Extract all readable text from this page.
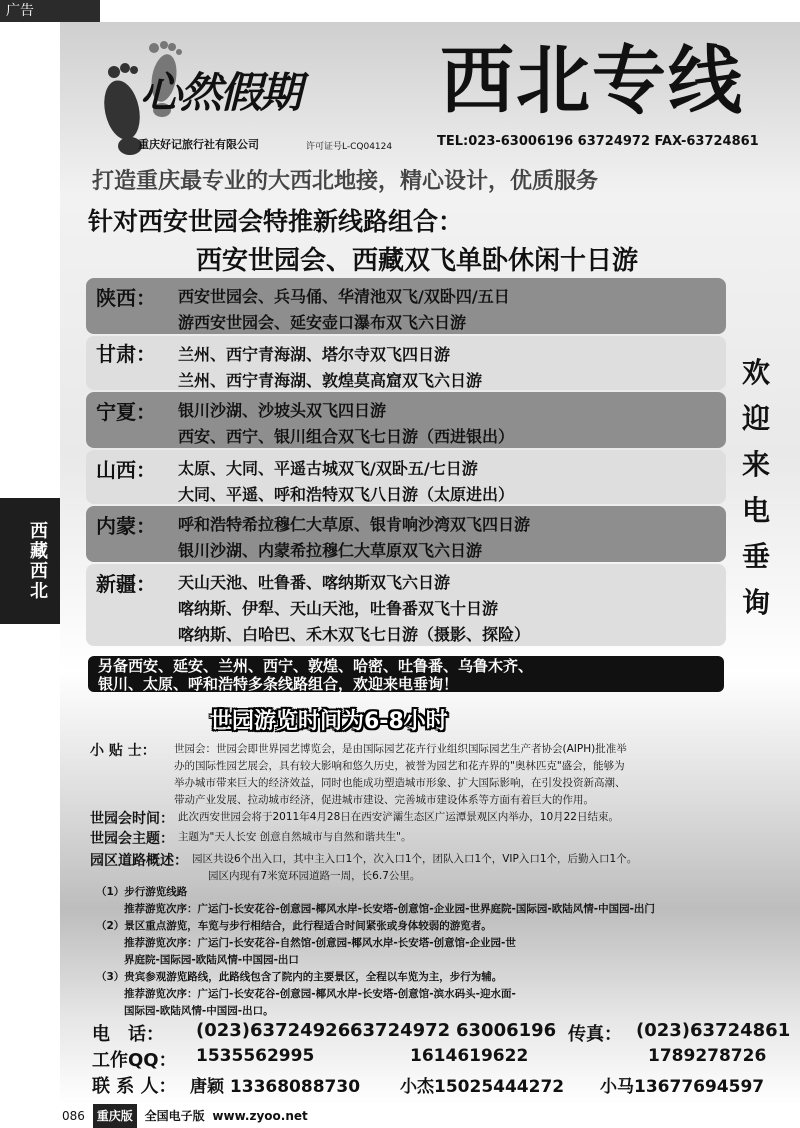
广告
西藏西北
心然假期
重庆好记旅行社有限公司	许可证号L-CQ04124
西北专线
TEL:023-63006196 63724972 FAX-63724861
打造重庆最专业的大西北地接，精心设计，优质服务
针对西安世园会特推新线路组合：
西安世园会、西藏双飞单卧休闲十日游
陕西： 西安世园会、兵马俑、华清池双飞/双卧四/五日
游西安世园会、延安壶口瀑布双飞六日游
甘肃： 兰州、西宁青海湖、塔尔寺双飞四日游
兰州、西宁青海湖、敦煌莫高窟双飞六日游
宁夏： 银川沙湖、沙坡头双飞四日游
西安、西宁、银川组合双飞七日游（西进银出）
山西： 太原、大同、平遥古城双飞/双卧五/七日游
大同、平遥、呼和浩特双飞八日游（太原进出）
内蒙： 呼和浩特希拉穆仁大草原、银肯响沙湾双飞四日游
银川沙湖、内蒙希拉穆仁大草原双飞六日游
新疆： 天山天池、吐鲁番、喀纳斯双飞六日游
喀纳斯、伊犁、天山天池，吐鲁番双飞十日游
喀纳斯、白哈巴、禾木双飞七日游（摄影、探险）
欢
迎
来
电
垂
询
另备西安、延安、兰州、西宁、敦煌、哈密、吐鲁番、乌鲁木齐、
银川、太原、呼和浩特多条线路组合，欢迎来电垂询！
世园游览时间为6-8小时
小 贴 士： 世园会：世园会即世界园艺博览会，是由国际园艺花卉行业组织国际园艺生产者协会(AIPH)批准举
办的国际性园艺展会，具有较大影响和悠久历史，被誉为园艺和花卉界的"奥林匹克"盛会，能够为
举办城市带来巨大的经济效益，同时也能成功塑造城市形象、扩大国际影响，在引发投资新高潮、
带动产业发展、拉动城市经济，促进城市建设、完善城市建设体系等方面有着巨大的作用。
世园会时间： 此次西安世园会将于2011年4月28日在西安浐灞生态区广运潭景观区内举办，10月22日结束。
世园会主题： 主题为"天人长安 创意自然城市与自然和谐共生"。
园区道路概述： 园区共设6个出入口，其中主入口1个，次入口1个，团队入口1个，VIP入口1个，后勤入口1个。
园区内现有7米宽环园道路一周，长6.7公里。
（1）步行游览线路
推荐游览次序：广运门-长安花谷-创意园-椰风水岸-长安塔-创意馆-企业园-世界庭院-国际园-欧陆风情-中国园-出门
（2）景区重点游览，车览与步行相结合，此行程适合时间紧张或身体较弱的游览者。
推荐游览次序：广运门-长安花谷-自然馆-创意园-椰风水岸-长安塔-创意馆-企业园-世
界庭院-国际园-欧陆风情-中国园-出口
（3）贵宾参观游览路线，此路线包含了院内的主要景区，全程以车览为主，步行为辅。
推荐游览次序：广运门-长安花谷-创意园-椰风水岸-长安塔-创意馆-滨水码头-迎水面-
国际园-欧陆风情-中国园-出口。
电　话： (023)63724926 63724972 63006196 传真： (023)63724861
工作QQ： 1535562995	1614619622	1789278726
联 系 人： 唐颖 13368088730 小杰15025444272 小马13677694597
086 重庆版 全国电子版 www.zyoo.net
